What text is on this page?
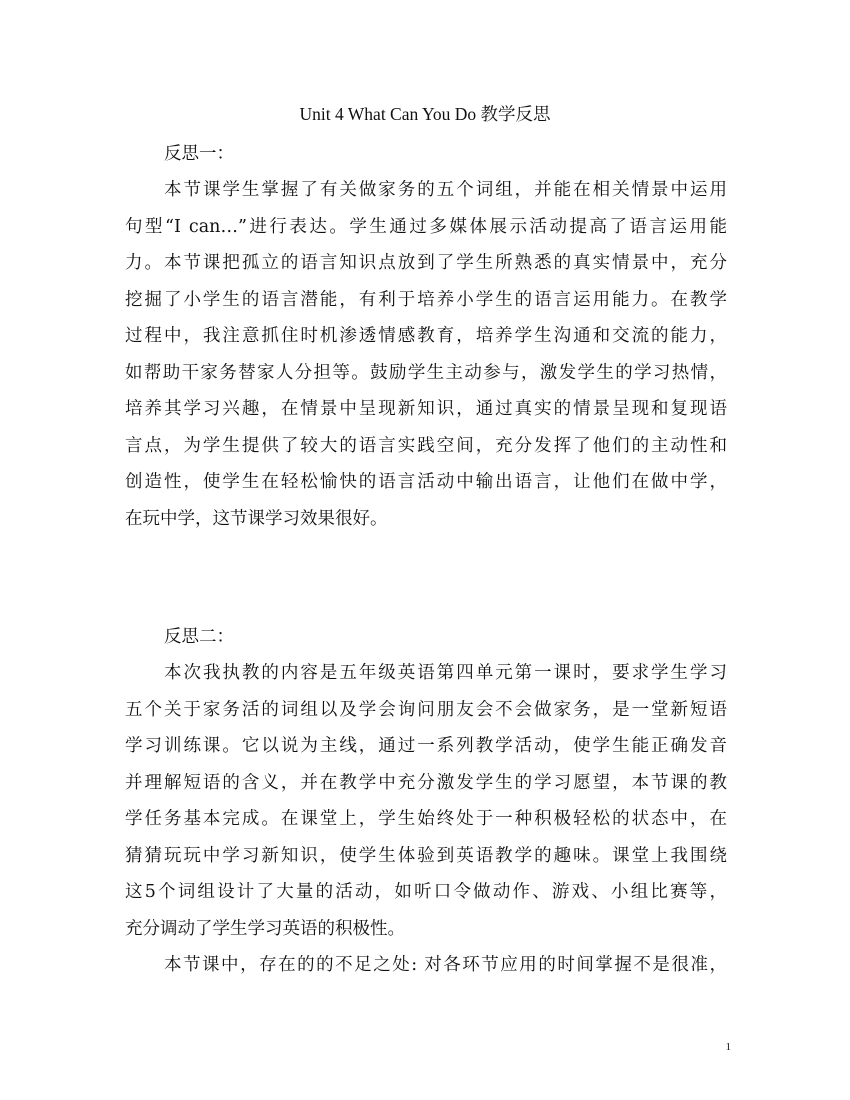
Unit 4 What Can You Do 教学反思
反思一：
本节课学生掌握了有关做家务的五个词组，并能在相关情景中运用
句型“I can…”进行表达。学生通过多媒体展示活动提高了语言运用能
力。本节课把孤立的语言知识点放到了学生所熟悉的真实情景中，充分
挖掘了小学生的语言潜能，有利于培养小学生的语言运用能力。在教学
过程中，我注意抓住时机渗透情感教育，培养学生沟通和交流的能力，
如帮助干家务替家人分担等。鼓励学生主动参与，激发学生的学习热情，
培养其学习兴趣，在情景中呈现新知识，通过真实的情景呈现和复现语
言点，为学生提供了较大的语言实践空间，充分发挥了他们的主动性和
创造性，使学生在轻松愉快的语言活动中输出语言，让他们在做中学，
在玩中学，这节课学习效果很好。
反思二：
本次我执教的内容是五年级英语第四单元第一课时，要求学生学习
五个关于家务活的词组以及学会询问朋友会不会做家务，是一堂新短语
学习训练课。它以说为主线，通过一系列教学活动，使学生能正确发音
并理解短语的含义，并在教学中充分激发学生的学习愿望，本节课的教
学任务基本完成。在课堂上，学生始终处于一种积极轻松的状态中，在
猜猜玩玩中学习新知识，使学生体验到英语教学的趣味。课堂上我围绕
这5个词组设计了大量的活动，如听口令做动作、游戏、小组比赛等，
充分调动了学生学习英语的积极性。
本节课中，存在的的不足之处: 对各环节应用的时间掌握不是很准，
1
